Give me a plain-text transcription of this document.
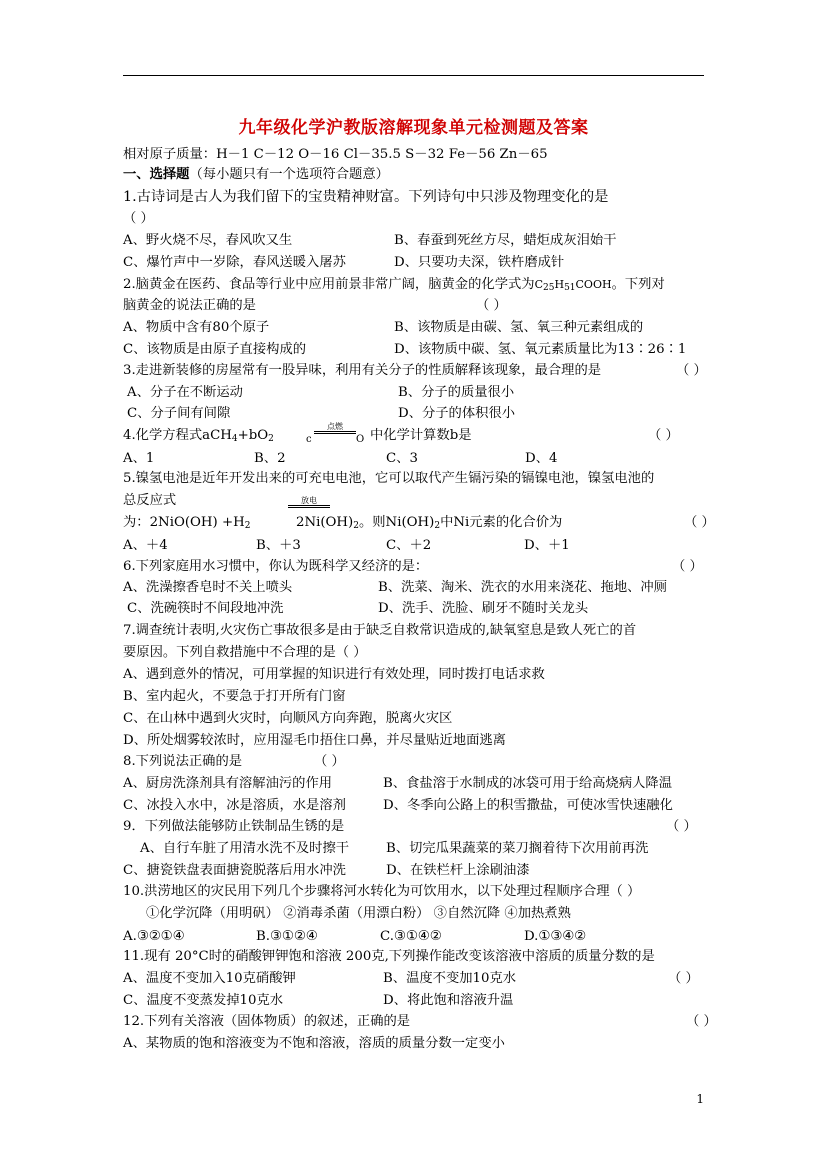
九年级化学沪教版溶解现象单元检测题及答案
相对原子质量：H－1 C－12 O－16 Cl－35.5 S－32 Fe－56 Zn－65
一、选择题（每小题只有一个选项符合题意）
1.古诗词是古人为我们留下的宝贵精神财富。下列诗句中只涉及物理变化的是
（ ）
A、野火烧不尽，春风吹又生	B、春蚕到死丝方尽，蜡炬成灰泪始干
C、爆竹声中一岁除，春风送暖入屠苏	D、只要功夫深，铁杵磨成针
2.脑黄金在医药、食品等行业中应用前景非常广阔，脑黄金的化学式为$C_{25}H_{51}COOH$。下列对
脑黄金的说法正确的是	（ ）
A、物质中含有80个原子	B、该物质是由碳、氢、氧三种元素组成的
C、该物质是由原子直接构成的	D、该物质中碳、氢、氧元素质量比为13∶26∶1
3.走进新装修的房屋常有一股异味，利用有关分子的性质解释该现象，最合理的是	（ ）
A、分子在不断运动	B、分子的质量很小
C、分子间有间隙	D、分子的体积很小
4.化学方程式$aCH_4+bO_2$	c
点燃
O 中化学计算数b是	（ ）
A、1	B、2	C、3	D、4
5.镍氢电池是近年开发出来的可充电电池，它可以取代产生镉污染的镉镍电池，镍氢电池的
总反应式	放电
为：$2NiO(OH) +H_2$	$2Ni(OH)_2$。则$Ni(OH)_2$中Ni元素的化合价为	（ ）
A、＋4	B、＋3	C、＋2	D、＋1
6.下列家庭用水习惯中，你认为既科学又经济的是：	（ ）
A、洗澡擦香皂时不关上喷头	B、洗菜、淘米、洗衣的水用来浇花、拖地、冲厕
C、洗碗筷时不间段地冲洗	D、洗手、洗脸、刷牙不随时关龙头
7.调查统计表明,火灾伤亡事故很多是由于缺乏自救常识造成的,缺氧窒息是致人死亡的首
要原因。下列自救措施中不合理的是（ ）
A、遇到意外的情况，可用掌握的知识进行有效处理，同时拨打电话求救
B、室内起火，不要急于打开所有门窗
C、在山林中遇到火灾时，向顺风方向奔跑，脱离火灾区
D、所处烟雾较浓时，应用湿毛巾捂住口鼻，并尽量贴近地面逃离
8.下列说法正确的是	（ ）
A、厨房洗涤剂具有溶解油污的作用	B、食盐溶于水制成的冰袋可用于给高烧病人降温
C、冰投入水中，冰是溶质，水是溶剂	D、冬季向公路上的积雪撒盐，可使冰雪快速融化
9．下列做法能够防止铁制品生锈的是	（ ）
A、自行车脏了用清水洗不及时擦干	B、切完瓜果蔬菜的菜刀搁着待下次用前再洗
C、搪瓷铁盘表面搪瓷脱落后用水冲洗	D、在铁栏杆上涂刷油漆
10.洪涝地区的灾民用下列几个步骤将河水转化为可饮用水，以下处理过程顺序合理（ ）
①化学沉降（用明矾） ②消毒杀菌（用漂白粉） ③自然沉降 ④加热煮熟
A.③②①④	B.③①②④	C.③①④②	D.①③④②
11.现有 20°C时的硝酸钾钾饱和溶液 200克,下列操作能改变该溶液中溶质的质量分数的是
A、温度不变加入10克硝酸钾	B、温度不变加10克水	（ ）
C、温度不变蒸发掉10克水	D、将此饱和溶液升温
12.下列有关溶液（固体物质）的叙述，正确的是	（ ）
A、某物质的饱和溶液变为不饱和溶液，溶质的质量分数一定变小
1
